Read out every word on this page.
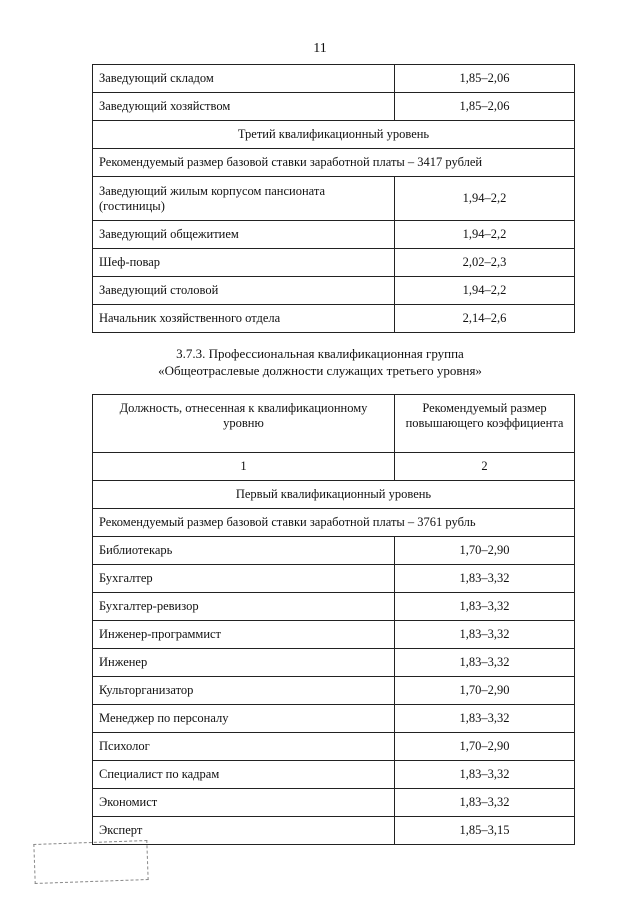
11
Заведующий складом	1,85–2,06
Заведующий хозяйством	1,85–2,06
Третий квалификационный уровень	
Рекомендуемый размер базовой ставки заработной платы – 3417 рублей	
Заведующий жилым корпусом пансионата (гостиницы)	1,94–2,2
Заведующий общежитием	1,94–2,2
Шеф-повар	2,02–2,3
Заведующий столовой	1,94–2,2
Начальник хозяйственного отдела	2,14–2,6
3.7.3. Профессиональная квалификационная группа
«Общеотраслевые должности служащих третьего уровня»
Должность, отнесенная к квалификационному уровню	Рекомендуемый размер повышающего коэффициента
1	2
Первый квалификационный уровень	
Рекомендуемый размер базовой ставки заработной платы – 3761 рубль	
Библиотекарь	1,70–2,90
Бухгалтер	1,83–3,32
Бухгалтер-ревизор	1,83–3,32
Инженер-программист	1,83–3,32
Инженер	1,83–3,32
Культорганизатор	1,70–2,90
Менеджер по персоналу	1,83–3,32
Психолог	1,70–2,90
Специалист по кадрам	1,83–3,32
Экономист	1,83–3,32
Эксперт	1,85–3,15
